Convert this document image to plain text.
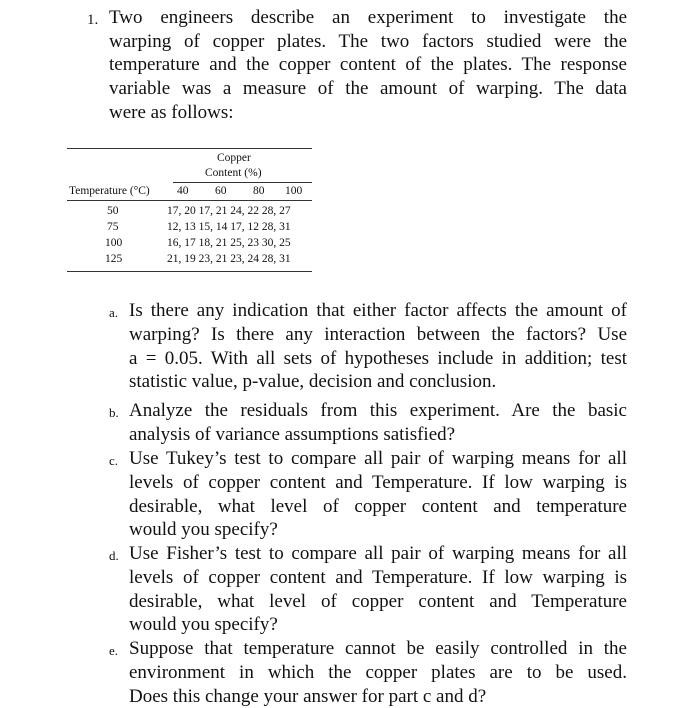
1. Two engineers describe an experiment to investigate the
warping of copper plates. The two factors studied were the
temperature and the copper content of the plates. The response
variable was a measure of the amount of warping. The data
were as follows:
Copper
Content (%)
Temperature (°C) 40 60 80 100
50	17, 20 17, 21 24, 22 28, 27
75	12, 13 15, 14 17, 12 28, 31
100	16, 17 18, 21 25, 23 30, 25
125	21, 19 23, 21 23, 24 28, 31
a. Is there any indication that either factor affects the amount of
warping? Is there any interaction between the factors? Use
a = 0.05. With all sets of hypotheses include in addition; test
statistic value, p-value, decision and conclusion.
b. Analyze the residuals from this experiment. Are the basic
analysis of variance assumptions satisfied?
c. Use Tukey’s test to compare all pair of warping means for all
levels of copper content and Temperature. If low warping is
desirable, what level of copper content and temperature
would you specify?
d. Use Fisher’s test to compare all pair of warping means for all
levels of copper content and Temperature. If low warping is
desirable, what level of copper content and Temperature
would you specify?
e. Suppose that temperature cannot be easily controlled in the
environment in which the copper plates are to be used.
Does this change your answer for part c and d?
